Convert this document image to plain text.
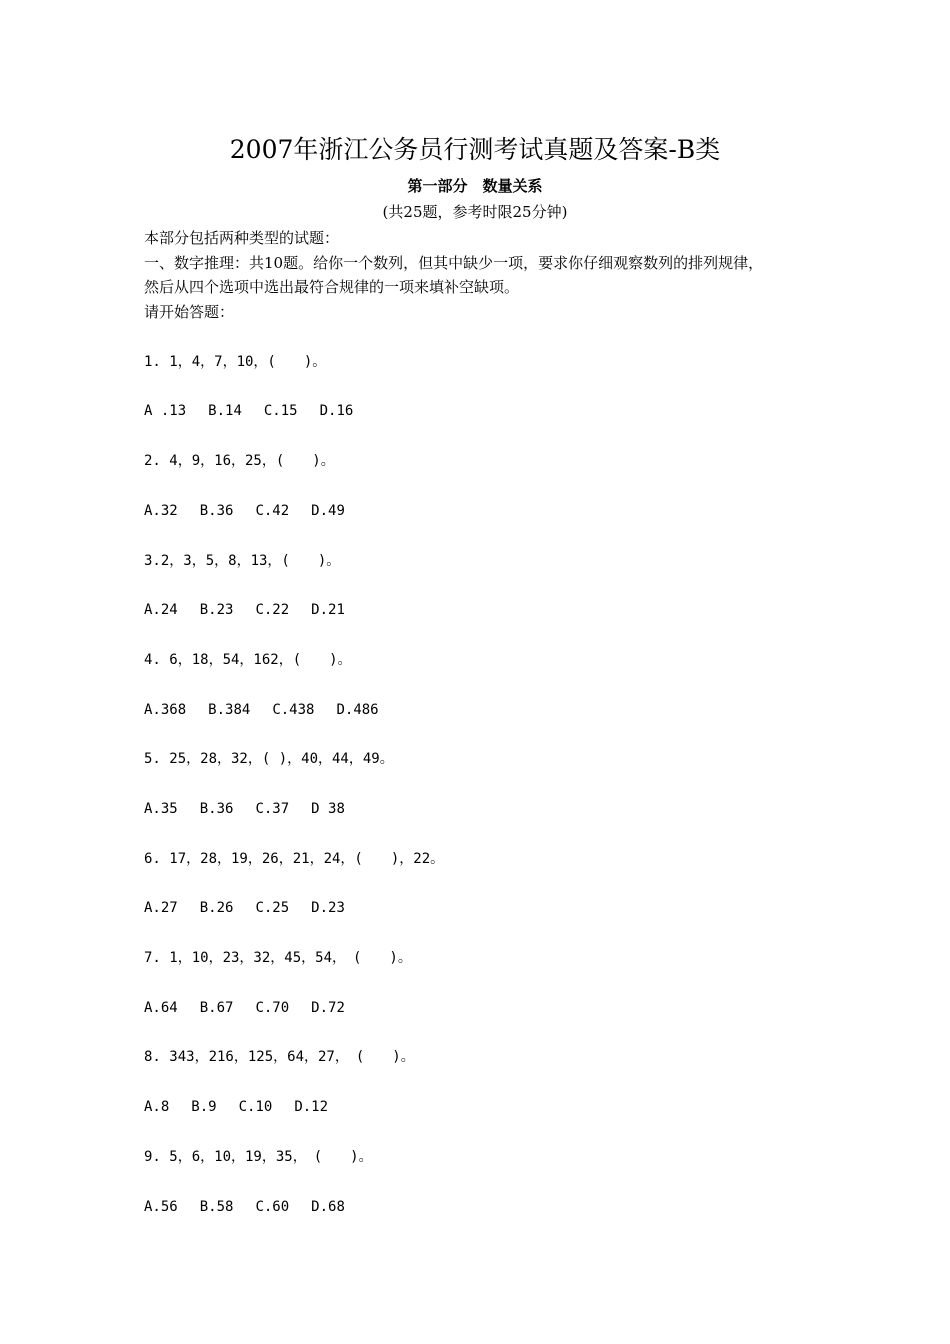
2007年浙江公务员行测考试真题及答案-B类
第一部分　数量关系
(共25题，参考时限25分钟)
本部分包括两种类型的试题：
一、数字推理：共10题。给你一个数列，但其中缺少一项，要求你仔细观察数列的排列规律，
然后从四个选项中选出最符合规律的一项来填补空缺项。
请开始答题：
1. 1，4，7，10，(　　)。
A .13 B.14 C.15 D.16
2. 4，9，16，25，(　　)。
A.32 B.36 C.42 D.49
3.2，3，5，8，13，(　　)。
A.24 B.23 C.22 D.21
4. 6，18，54，162，(　　)。
A.368 B.384 C.438 D.486
5. 25，28，32，( )，40，44，49。
A.35 B.36 C.37 D 38
6. 17，28，19，26，21，24，(　　)，22。
A.27 B.26 C.25 D.23
7. 1，10，23，32，45，54，　(　　)。
A.64 B.67 C.70 D.72
8. 343，216，125，64，27，　(　　)。
A.8 B.9 C.10 D.12
9. 5，6，10，19，35，　(　　)。
A.56 B.58 C.60 D.68
